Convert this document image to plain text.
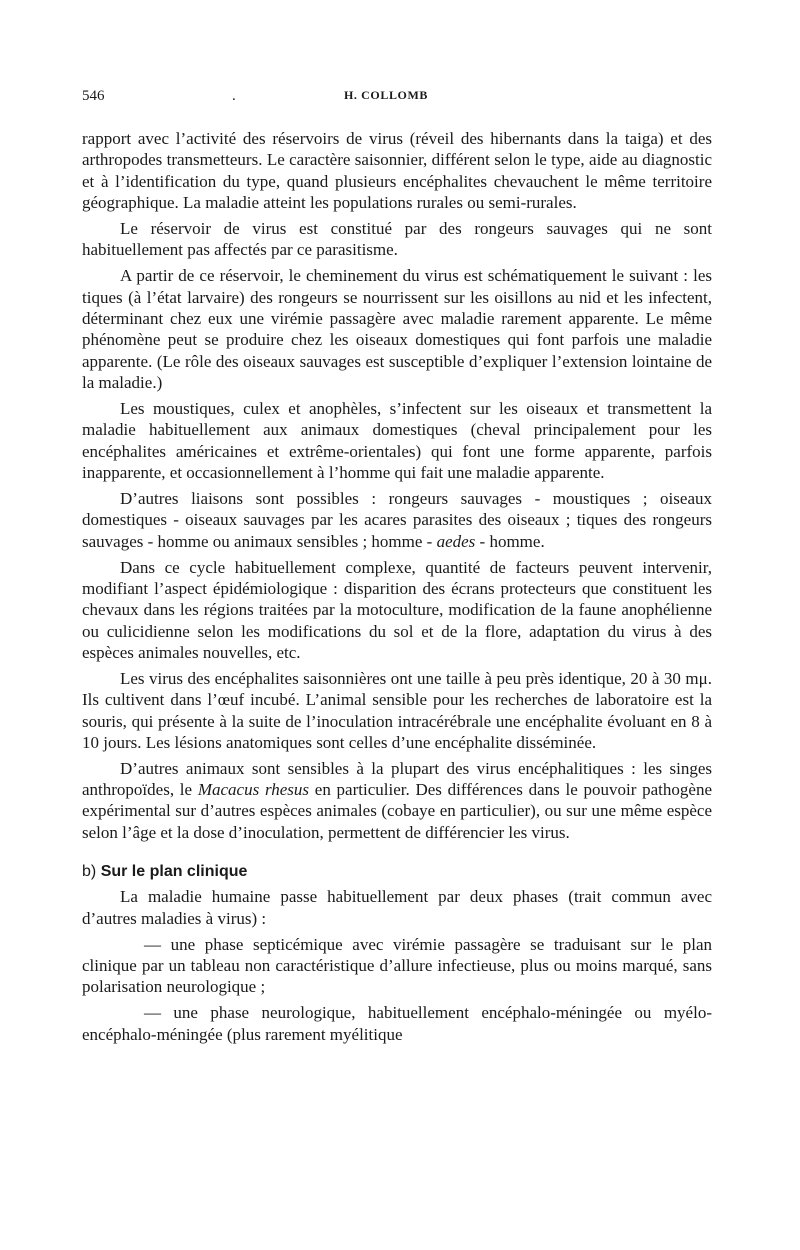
546	.	H. COLLOMB

rapport avec l’activité des réservoirs de virus (réveil des hibernants dans la taiga) et des arthropodes transmetteurs. Le caractère saisonnier, différent selon le type, aide au diagnostic et à l’identification du type, quand plusieurs encéphalites chevauchent le même territoire géographique. La maladie atteint les populations rurales ou semi-rurales.

Le réservoir de virus est constitué par des rongeurs sauvages qui ne sont habituellement pas affectés par ce parasitisme.

A partir de ce réservoir, le cheminement du virus est schématiquement le suivant : les tiques (à l’état larvaire) des rongeurs se nourrissent sur les oisillons au nid et les infectent, déterminant chez eux une virémie passagère avec maladie rarement apparente. Le même phénomène peut se produire chez les oiseaux domestiques qui font parfois une maladie apparente. (Le rôle des oiseaux sauvages est susceptible d’expliquer l’extension lointaine de la maladie.)

Les moustiques, culex et anophèles, s’infectent sur les oiseaux et transmettent la maladie habituellement aux animaux domestiques (cheval principalement pour les encéphalites américaines et extrême-orientales) qui font une forme apparente, parfois inapparente, et occasionnellement à l’homme qui fait une maladie apparente.

D’autres liaisons sont possibles : rongeurs sauvages - moustiques ; oiseaux domestiques - oiseaux sauvages par les acares parasites des oiseaux ; tiques des rongeurs sauvages - homme ou animaux sensibles ; homme - aedes - homme.

Dans ce cycle habituellement complexe, quantité de facteurs peuvent intervenir, modifiant l’aspect épidémiologique : disparition des écrans protecteurs que constituent les chevaux dans les régions traitées par la motoculture, modification de la faune anophélienne ou culicidienne selon les modifications du sol et de la flore, adaptation du virus à des espèces animales nouvelles, etc.

Les virus des encéphalites saisonnières ont une taille à peu près identique, 20 à 30 mμ. Ils cultivent dans l’œuf incubé. L’animal sensible pour les recherches de laboratoire est la souris, qui présente à la suite de l’inoculation intracérébrale une encéphalite évoluant en 8 à 10 jours. Les lésions anatomiques sont celles d’une encéphalite disséminée.

D’autres animaux sont sensibles à la plupart des virus encéphalitiques : les singes anthropoïdes, le Macacus rhesus en particulier. Des différences dans le pouvoir pathogène expérimental sur d’autres espèces animales (cobaye en particulier), ou sur une même espèce selon l’âge et la dose d’inoculation, permettent de différencier les virus.

b) Sur le plan clinique

La maladie humaine passe habituellement par deux phases (trait commun avec d’autres maladies à virus) :

— une phase septicémique avec virémie passagère se traduisant sur le plan clinique par un tableau non caractéristique d’allure infectieuse, plus ou moins marqué, sans polarisation neurologique ;

— une phase neurologique, habituellement encéphalo-méningée ou myélo-encéphalo-méningée (plus rarement myélitique
